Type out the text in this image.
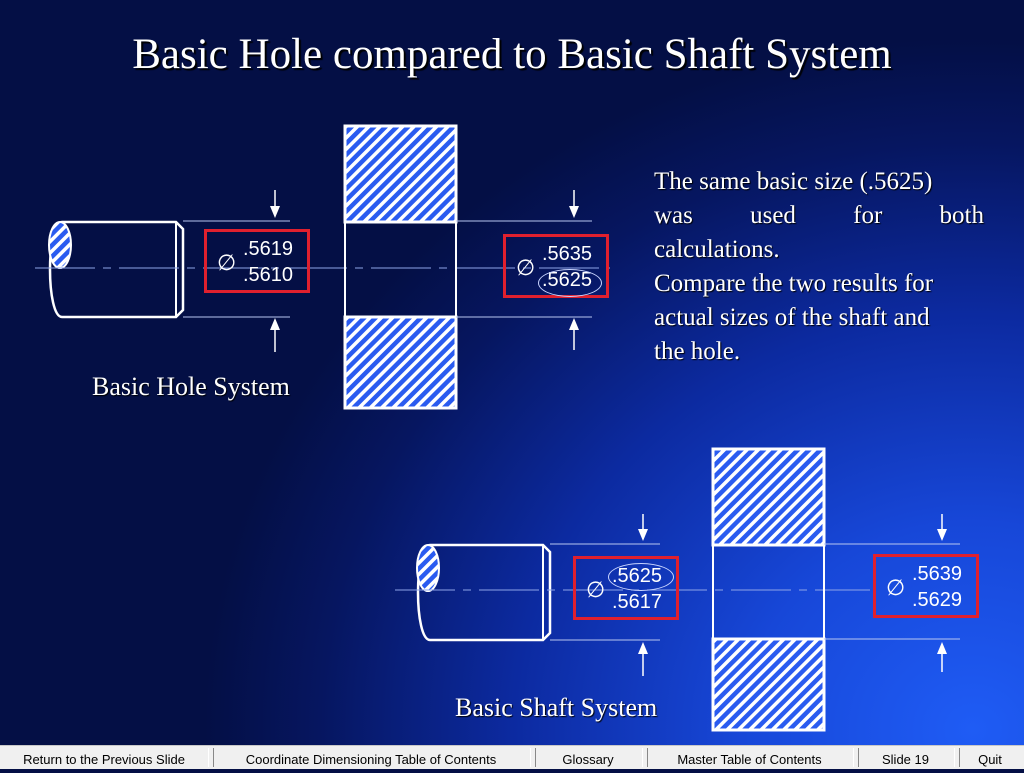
Basic Hole compared to Basic Shaft System
∅
.5619
.5610	∅
.5635
.5625
∅
.5625
.5617
∅
.5639
.5629
Basic Hole System
Basic Shaft System

The same basic size (.5625)

was used for both

calculations.

Compare the two results for

actual sizes of the shaft and

the hole.

Return to the Previous Slide	Coordinate Dimensioning Table of Contents	Glossary	Master Table of Contents	Slide 19	Quit
